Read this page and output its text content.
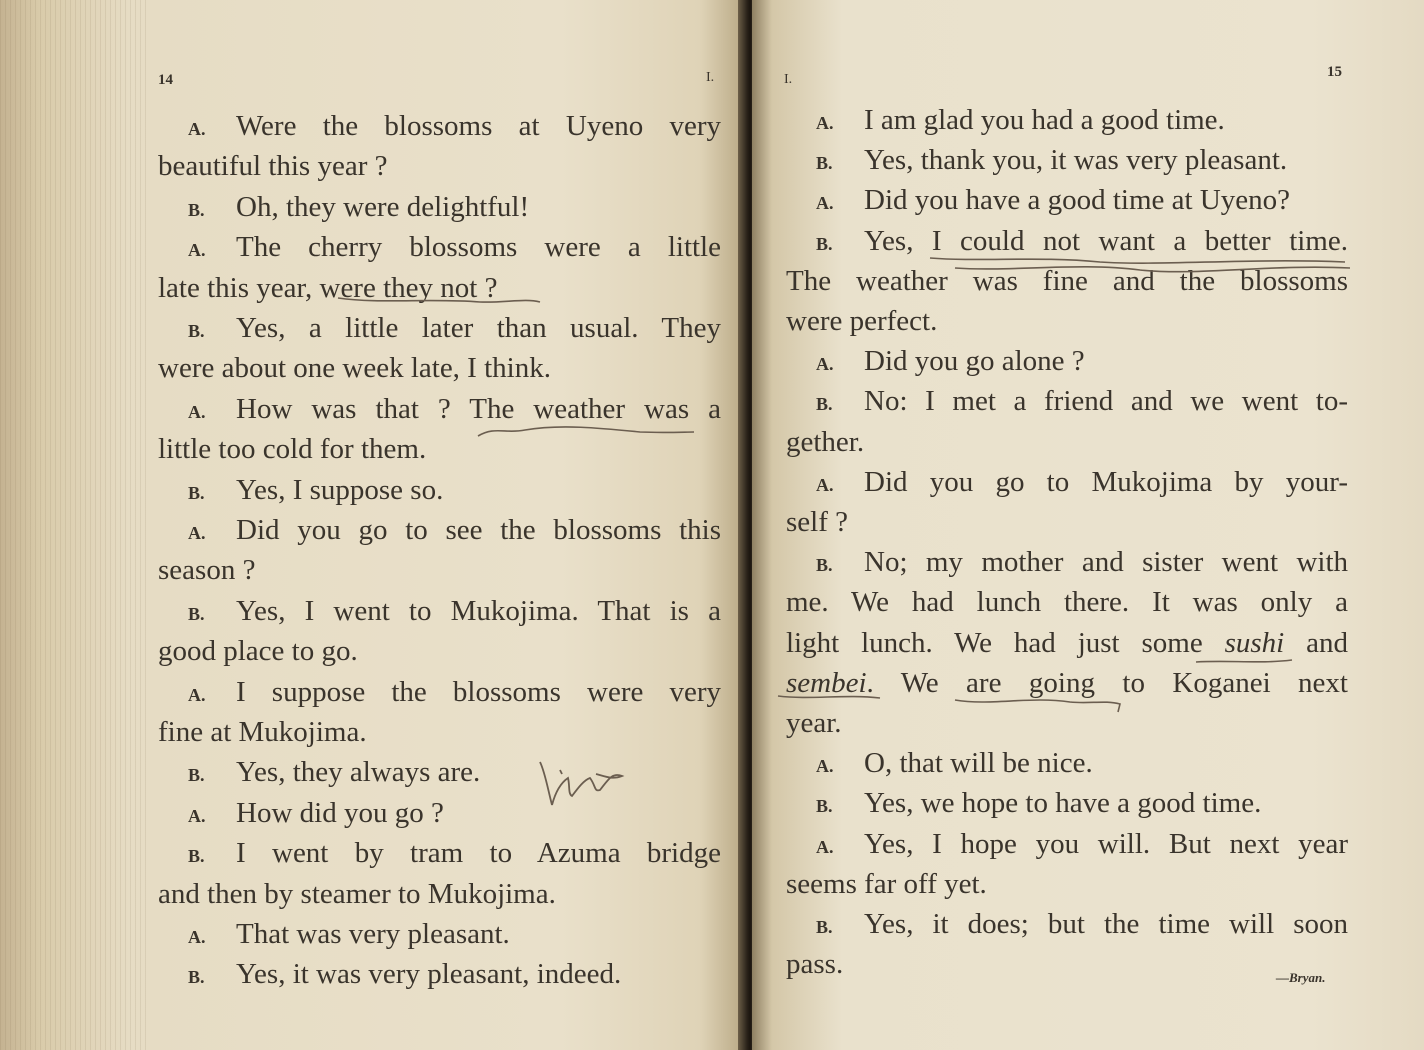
14	I.
A. Were the blossoms at Uyeno very
beautiful this year ?
B. Oh, they were delightful!
A. The cherry blossoms were a little
late this year, were they not ?
B. Yes, a little later than usual. They
were about one week late, I think.
A. How was that ? The weather was a
little too cold for them.
B. Yes, I suppose so.
A. Did you go to see the blossoms this
season ?
B. Yes, I went to Mukojima. That is a
good place to go.
A. I suppose the blossoms were very
fine at Mukojima.
B. Yes, they always are.
A. How did you go ?
B. I went by tram to Azuma bridge
and then by steamer to Mukojima.
A. That was very pleasant.
B. Yes, it was very pleasant, indeed.
I.	15
A. I am glad you had a good time.
B. Yes, thank you, it was very pleasant.
A. Did you have a good time at Uyeno?
B. Yes, I could not want a better time.
The weather was fine and the blossoms
were perfect.
A. Did you go alone ?
B. No: I met a friend and we went to-
gether.
A. Did you go to Mukojima by your-
self ?
B. No; my mother and sister went with
me. We had lunch there. It was only a
light lunch. We had just some sushi and
sembei. We are going to Koganei next
year.
A. O, that will be nice.
B. Yes, we hope to have a good time.
A. Yes, I hope you will. But next year
seems far off yet.
B. Yes, it does; but the time will soon
pass.	—Bryan.
